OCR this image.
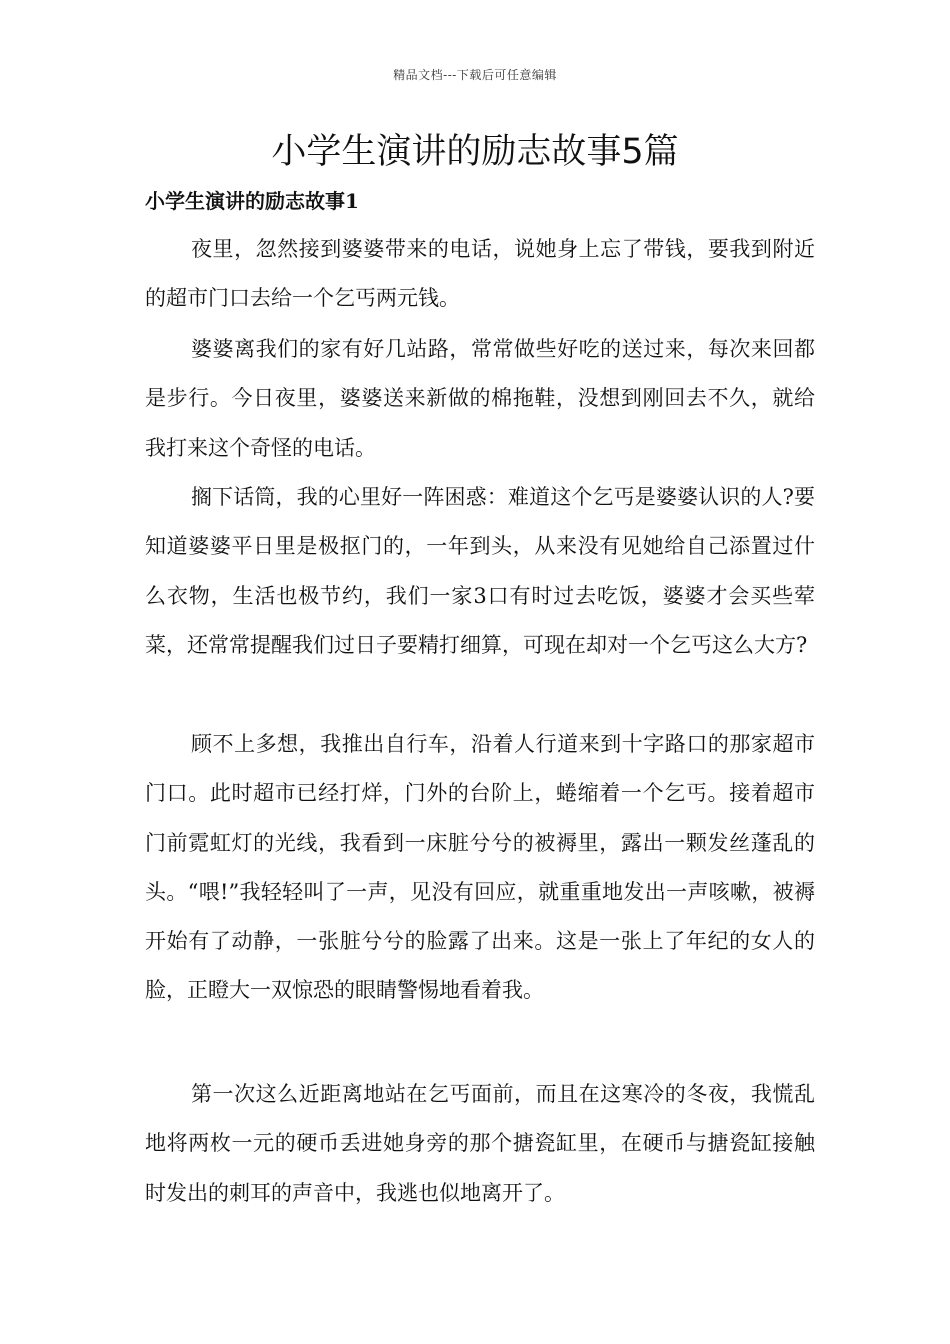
精品文档---下载后可任意编辑
小学生演讲的励志故事5篇
小学生演讲的励志故事1

夜里，忽然接到婆婆带来的电话，说她身上忘了带钱，要我到附近的超市门口去给一个乞丐两元钱。

婆婆离我们的家有好几站路，常常做些好吃的送过来，每次来回都是步行。今日夜里，婆婆送来新做的棉拖鞋，没想到刚回去不久，就给我打来这个奇怪的电话。

搁下话筒，我的心里好一阵困惑：难道这个乞丐是婆婆认识的人?要知道婆婆平日里是极抠门的，一年到头，从来没有见她给自己添置过什么衣物，生活也极节约，我们一家3口有时过去吃饭，婆婆才会买些荤菜，还常常提醒我们过日子要精打细算，可现在却对一个乞丐这么大方?

顾不上多想，我推出自行车，沿着人行道来到十字路口的那家超市门口。此时超市已经打烊，门外的台阶上，蜷缩着一个乞丐。接着超市门前霓虹灯的光线，我看到一床脏兮兮的被褥里，露出一颗发丝蓬乱的头。“喂!”我轻轻叫了一声，见没有回应，就重重地发出一声咳嗽，被褥开始有了动静，一张脏兮兮的脸露了出来。这是一张上了年纪的女人的脸，正瞪大一双惊恐的眼睛警惕地看着我。

第一次这么近距离地站在乞丐面前，而且在这寒冷的冬夜，我慌乱地将两枚一元的硬币丢进她身旁的那个搪瓷缸里，在硬币与搪瓷缸接触时发出的刺耳的声音中，我逃也似地离开了。
